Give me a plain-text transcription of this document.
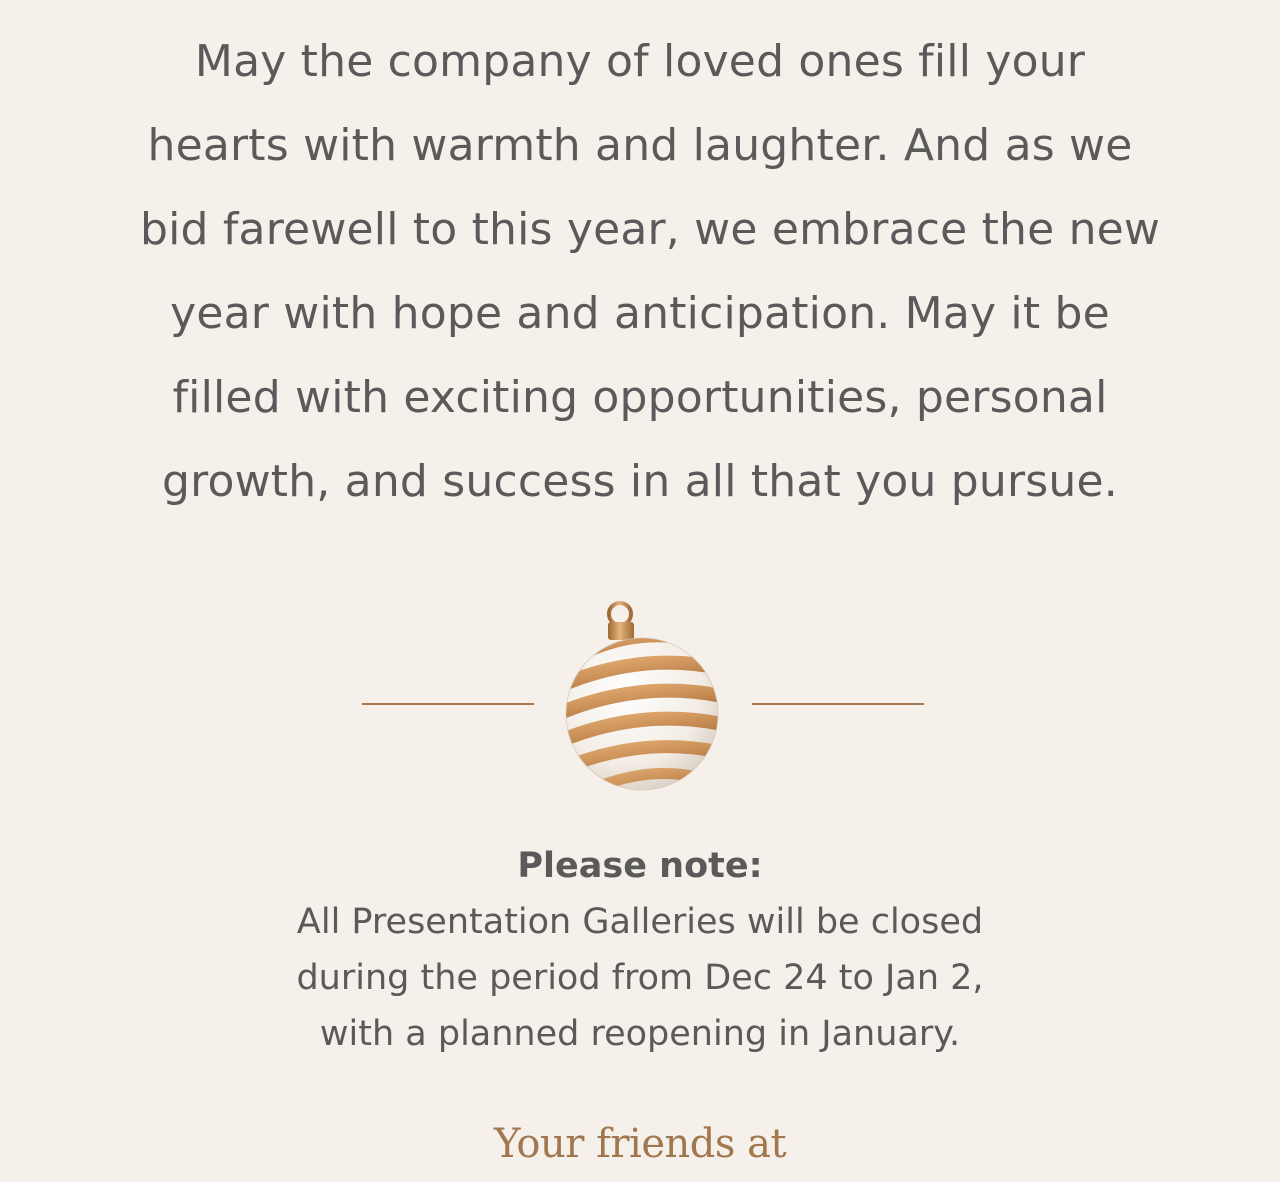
May the company of loved ones fill your
hearts with warmth and laughter. And as we
bid farewell to this year, we embrace the new
year with hope and anticipation. May it be
filled with exciting opportunities, personal
growth, and success in all that you pursue.

Please note:

All Presentation Galleries will be closed
during the period from Dec 24 to Jan 2,
with a planned reopening in January.

Your friends at
